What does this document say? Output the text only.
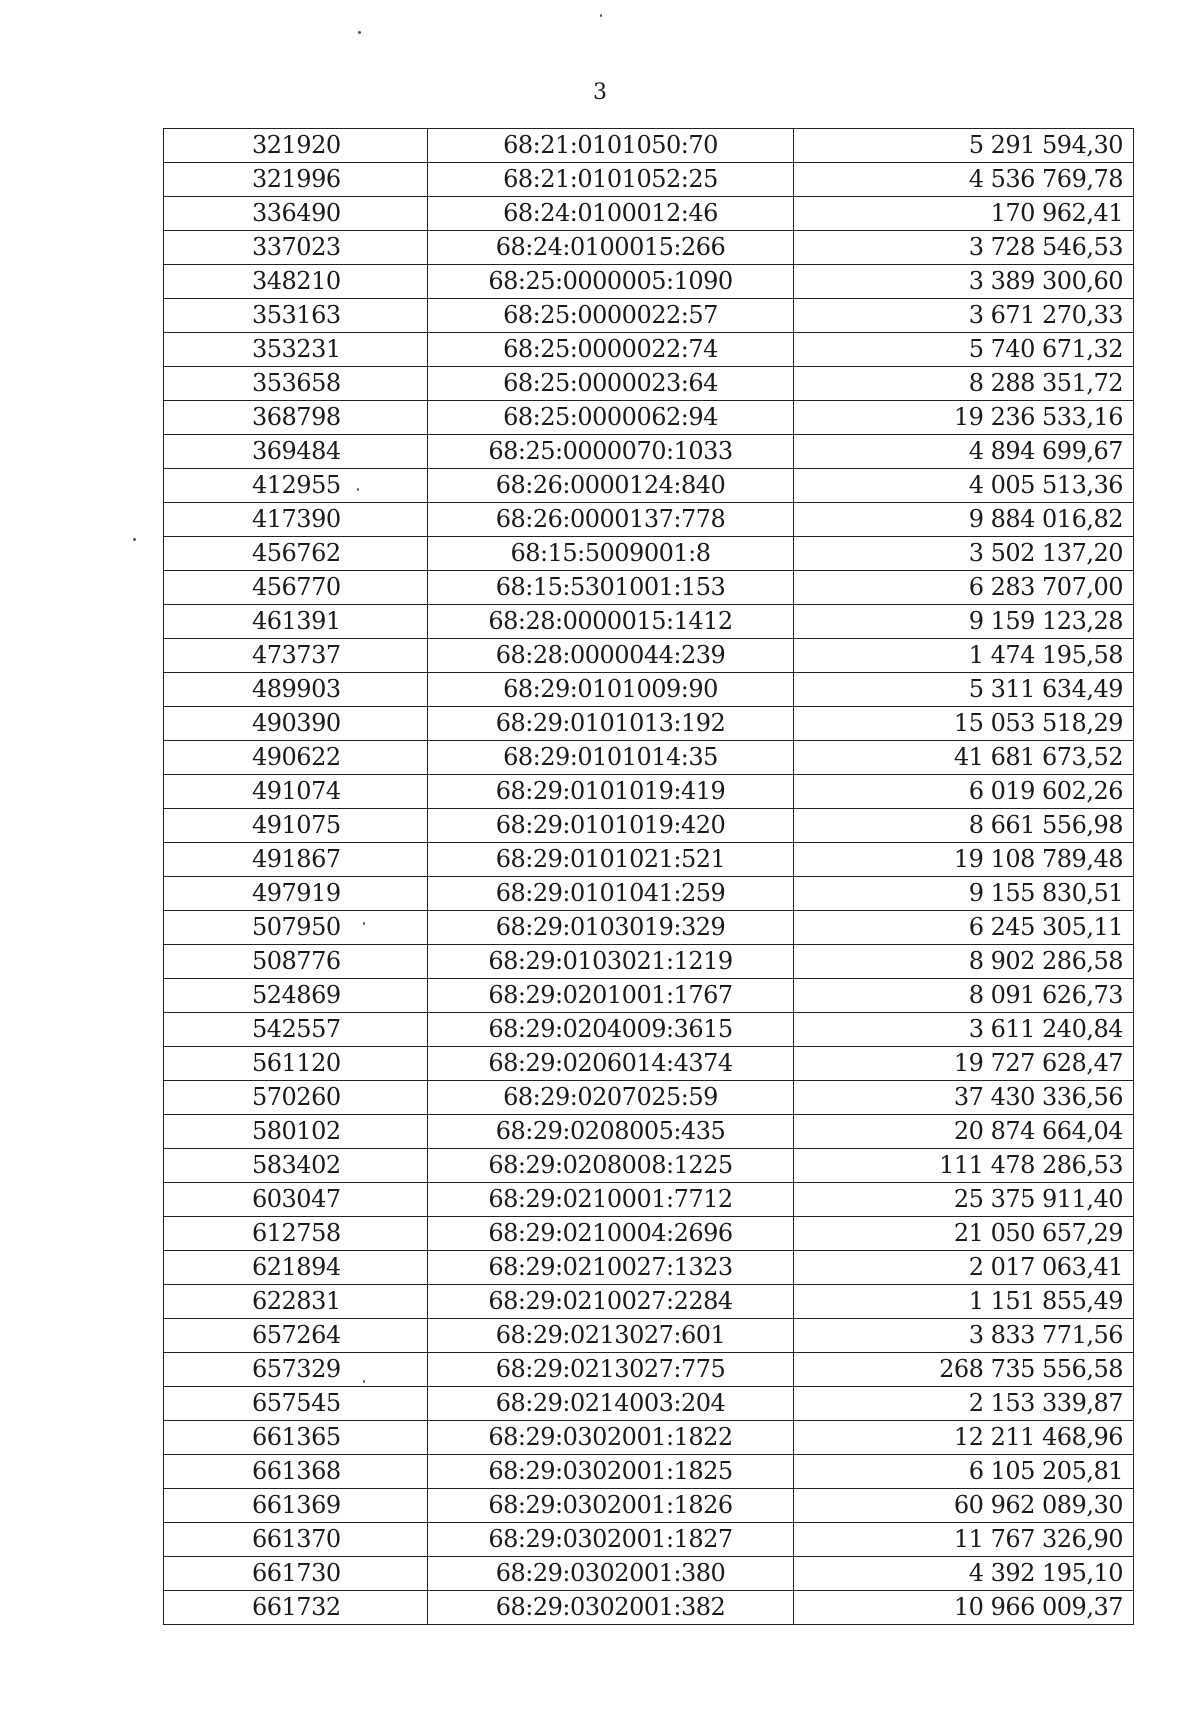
3
321920	68:21:0101050:70	5 291 594,30
321996	68:21:0101052:25	4 536 769,78
336490	68:24:0100012:46	170 962,41
337023	68:24:0100015:266	3 728 546,53
348210	68:25:0000005:1090	3 389 300,60
353163	68:25:0000022:57	3 671 270,33
353231	68:25:0000022:74	5 740 671,32
353658	68:25:0000023:64	8 288 351,72
368798	68:25:0000062:94	19 236 533,16
369484	68:25:0000070:1033	4 894 699,67
412955	68:26:0000124:840	4 005 513,36
417390	68:26:0000137:778	9 884 016,82
456762	68:15:5009001:8	3 502 137,20
456770	68:15:5301001:153	6 283 707,00
461391	68:28:0000015:1412	9 159 123,28
473737	68:28:0000044:239	1 474 195,58
489903	68:29:0101009:90	5 311 634,49
490390	68:29:0101013:192	15 053 518,29
490622	68:29:0101014:35	41 681 673,52
491074	68:29:0101019:419	6 019 602,26
491075	68:29:0101019:420	8 661 556,98
491867	68:29:0101021:521	19 108 789,48
497919	68:29:0101041:259	9 155 830,51
507950	68:29:0103019:329	6 245 305,11
508776	68:29:0103021:1219	8 902 286,58
524869	68:29:0201001:1767	8 091 626,73
542557	68:29:0204009:3615	3 611 240,84
561120	68:29:0206014:4374	19 727 628,47
570260	68:29:0207025:59	37 430 336,56
580102	68:29:0208005:435	20 874 664,04
583402	68:29:0208008:1225	111 478 286,53
603047	68:29:0210001:7712	25 375 911,40
612758	68:29:0210004:2696	21 050 657,29
621894	68:29:0210027:1323	2 017 063,41
622831	68:29:0210027:2284	1 151 855,49
657264	68:29:0213027:601	3 833 771,56
657329	68:29:0213027:775	268 735 556,58
657545	68:29:0214003:204	2 153 339,87
661365	68:29:0302001:1822	12 211 468,96
661368	68:29:0302001:1825	6 105 205,81
661369	68:29:0302001:1826	60 962 089,30
661370	68:29:0302001:1827	11 767 326,90
661730	68:29:0302001:380	4 392 195,10
661732	68:29:0302001:382	10 966 009,37
